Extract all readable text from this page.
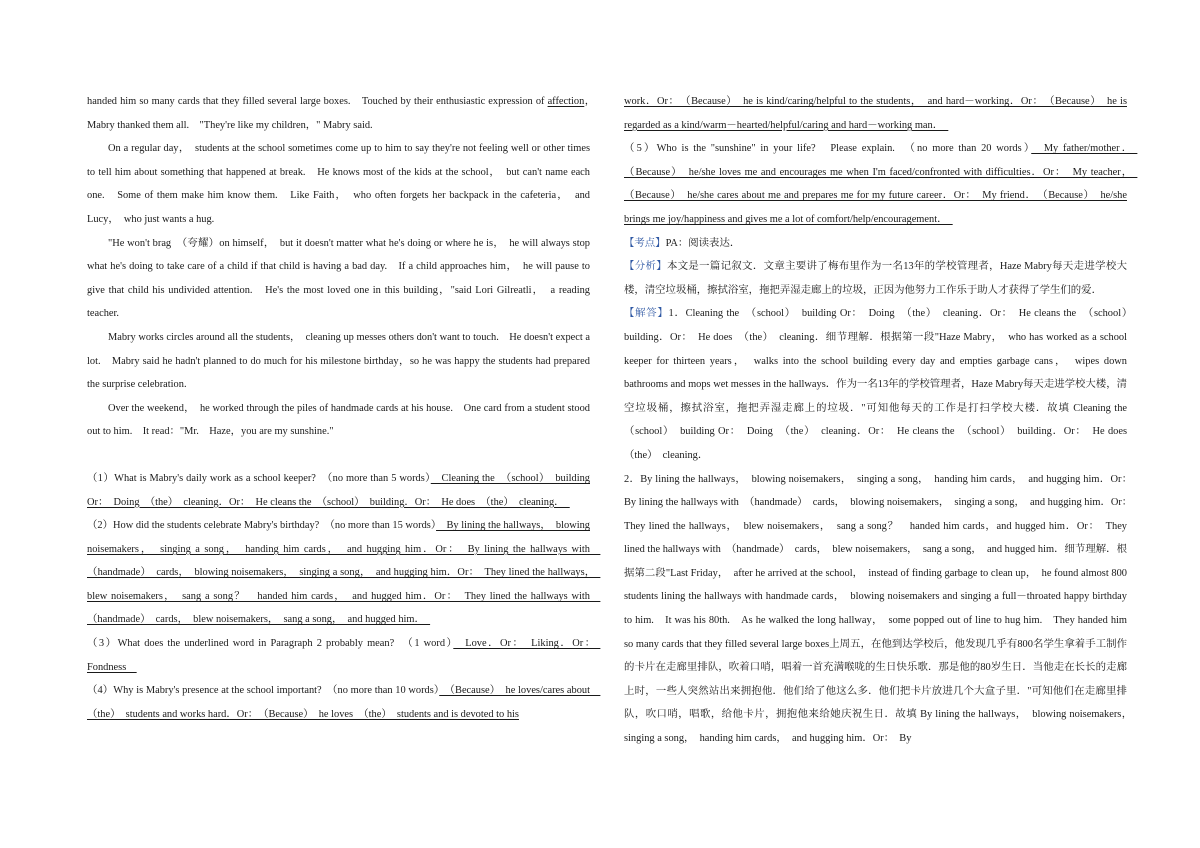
handed him so many cards that they filled several large boxes.　Touched by their enthusiastic expression of affection，　Mabry thanked them all.　"They're like my children，" Mabry said.

On a regular day，　students at the school sometimes come up to him to say they're not feeling well or other times to tell him about something that happened at break.　He knows most of the kids at the school，　but can't name each one.　Some of them make him know them.　Like Faith，　who often forgets her backpack in the cafeteria，　and Lucy，　who just wants a hug.

"He won't brag　（夸耀）on himself，　but it doesn't matter what he's doing or where he is，　he will always stop what he's doing to take care of a child if that child is having a bad day.　If a child approaches him，　he will pause to give that child his undivided attention.　He's the most loved one in this building，"said Lori Gilreatli，　a reading teacher.

Mabry works circles around all the students，　cleaning up messes others don't want to touch.　He doesn't expect a lot.　Mabry said he hadn't planned to do much for his milestone birthday，so he was happy the students had prepared the surprise celebration.

Over the weekend，　he worked through the piles of handmade cards at his house.　One card from a student stood out to him.　It read："Mr.　Haze，you are my sunshine."

（1）What is Mabry's daily work as a school keeper?　（no more than 5 words）　Cleaning the　（school）　building Or：　Doing　（the）　cleaning．Or：　He cleans the　（school）　building．Or：　He does　（the）　cleaning．　

（2）How did the students celebrate Mabry's birthday?　（no more than 15 words）　By lining the hallways，　blowing noisemakers，　singing a song，　handing him cards，　and hugging him．Or：　By lining the hallways with　（handmade）　cards，　blowing noisemakers，　singing a song，　and hugging him．Or：　They lined the hallways，　blew noisemakers，　sang a song？　handed him cards，　and hugged him．Or：　They lined the hallways with　（handmade）　cards，　blew noisemakers，　sang a song，　and hugged him．　

（3）What does the underlined word in Paragraph 2 probably mean?　（1 word）　Love．Or：　Liking．Or：　Fondness　

（4）Why is Mabry's presence at the school important?　（no more than 10 words）　（Because）　he loves/cares about　（the）　students and works hard．Or：　（Because）　he loves　（the）　students and is devoted to his

work．Or：　（Because）　he is kind/caring/helpful to the students，　and hard－working．Or：　（Because）　he is regarded as a kind/warm－hearted/helpful/caring and hard－working man．　

（5）Who is the "sunshine" in your life?　Please explain.　（no more than 20 words）　My father/mother．　（Because）　he/she loves me and encourages me when I'm faced/confronted with difficulties．Or：　My teacher，　（Because）　he/she cares about me and prepares me for my future career．Or：　My friend．　（Because）　he/she brings me joy/happiness and gives me a lot of comfort/help/encouragement．　

【考点】PA：阅读表达．

【分析】本文是一篇记叙文．文章主要讲了梅布里作为一名13年的学校管理者，Haze Mabry每天走进学校大楼，清空垃圾桶，擦拭浴室，拖把弄湿走廊上的垃圾，正因为他努力工作乐于助人才获得了学生们的爱．

【解答】1．Cleaning the　（school）　building Or：　Doing　（the）　cleaning．Or：　He cleans the　（school）　building．Or：　He does　（the）　cleaning．细节理解．根据第一段"Haze Mabry，　who has worked as a school keeper for thirteen years，　walks into the school building every day and empties garbage cans，　wipes down bathrooms and mops wet messes in the hallways．作为一名13年的学校管理者，Haze Mabry每天走进学校大楼，清空垃圾桶，擦拭浴室，拖把弄湿走廊上的垃圾．"可知他每天的工作是打扫学校大楼．故填 Cleaning the　（school）　building Or：　Doing　（the）　cleaning．Or：　He cleans the　（school）　building．Or：　He does　（the）　cleaning．

2．By lining the hallways，　blowing noisemakers，　singing a song，　handing him cards，　and hugging him．Or：　By lining the hallways with　（handmade）　cards，　blowing noisemakers，　singing a song，　and hugging him．Or：　They lined the hallways，　blew noisemakers，　sang a song？　handed him cards，and hugged him．Or：　They lined the hallways with　（handmade）　cards，　blew noisemakers，　sang a song，　and hugged him．细节理解．根据第二段"Last Friday，　after he arrived at the school，　instead of finding garbage to clean up，　he found almost 800 students lining the hallways with handmade cards，　blowing noisemakers and singing a full－throated happy birthday to him.　It was his 80th.　As he walked the long hallway，　some popped out of line to hug him.　They handed him so many cards that they filled several large boxes上周五，在他到达学校后，他发现几乎有800名学生拿着手工制作的卡片在走廊里排队，吹着口哨，唱着一首充满喉咙的生日快乐歌．那是他的80岁生日．当他走在长长的走廊上时，一些人突然站出来拥抱他．他们给了他这么多．他们把卡片放进几个大盒子里．"可知他们在走廊里排队，吹口哨，唱歌，给他卡片，拥抱他来给她庆祝生日．故填 By lining the hallways，　blowing noisemakers，　singing a song，　handing him cards，　and hugging him．Or：　By
